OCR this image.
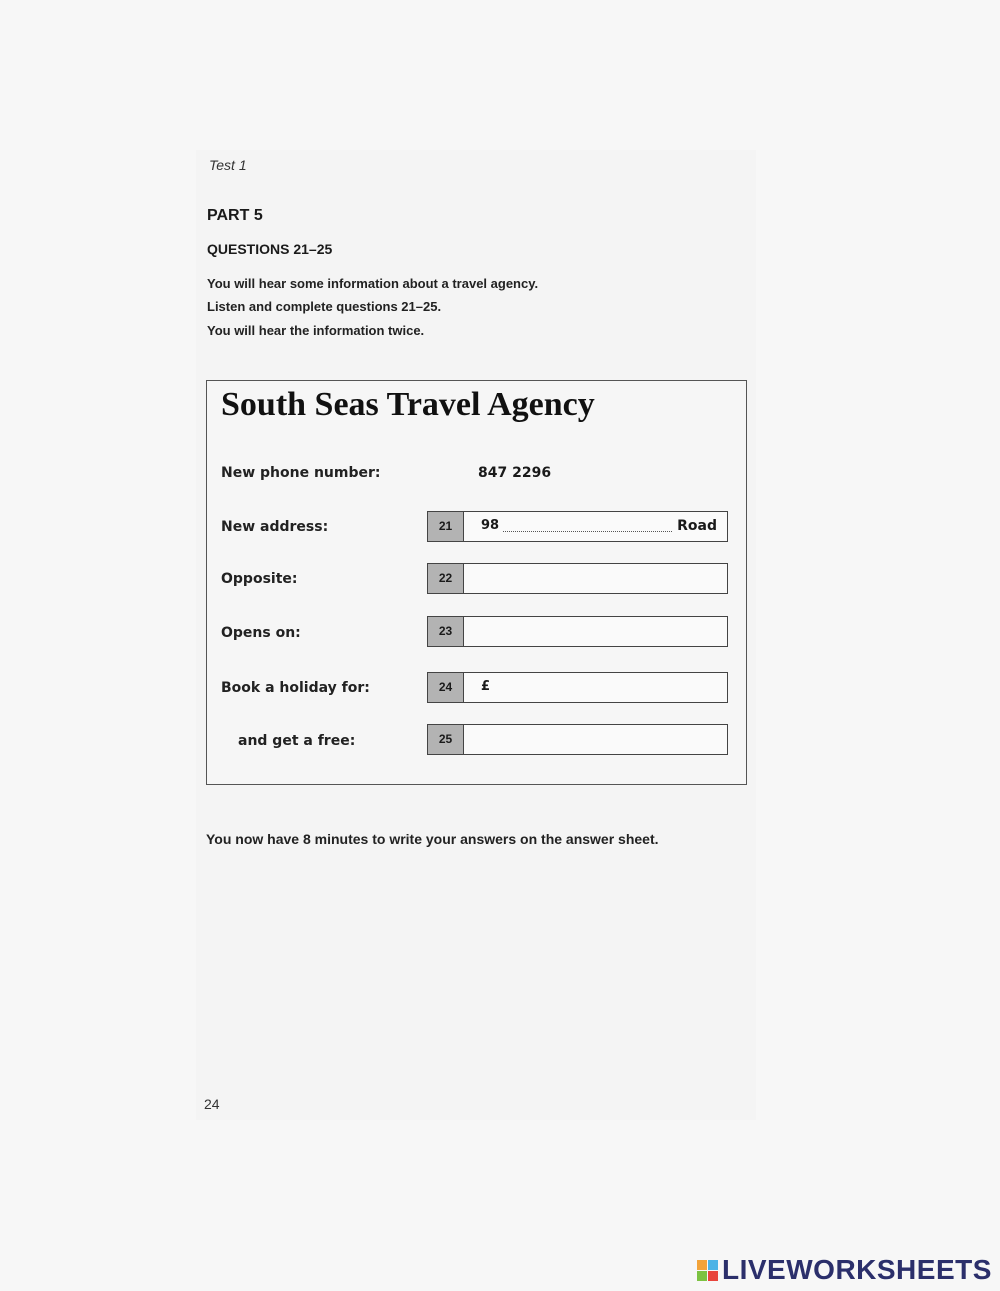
Test 1
PART 5
QUESTIONS 21–25
You will hear some information about a travel agency.
Listen and complete questions 21–25.
You will hear the information twice.
South Seas Travel Agency
New phone number:	847 2296
New address:	21	98	Road
Opposite:	22
Opens on:	23
Book a holiday for:	24	£
and get a free:	25
You now have 8 minutes to write your answers on the answer sheet.
24
LIVEWORKSHEETS
